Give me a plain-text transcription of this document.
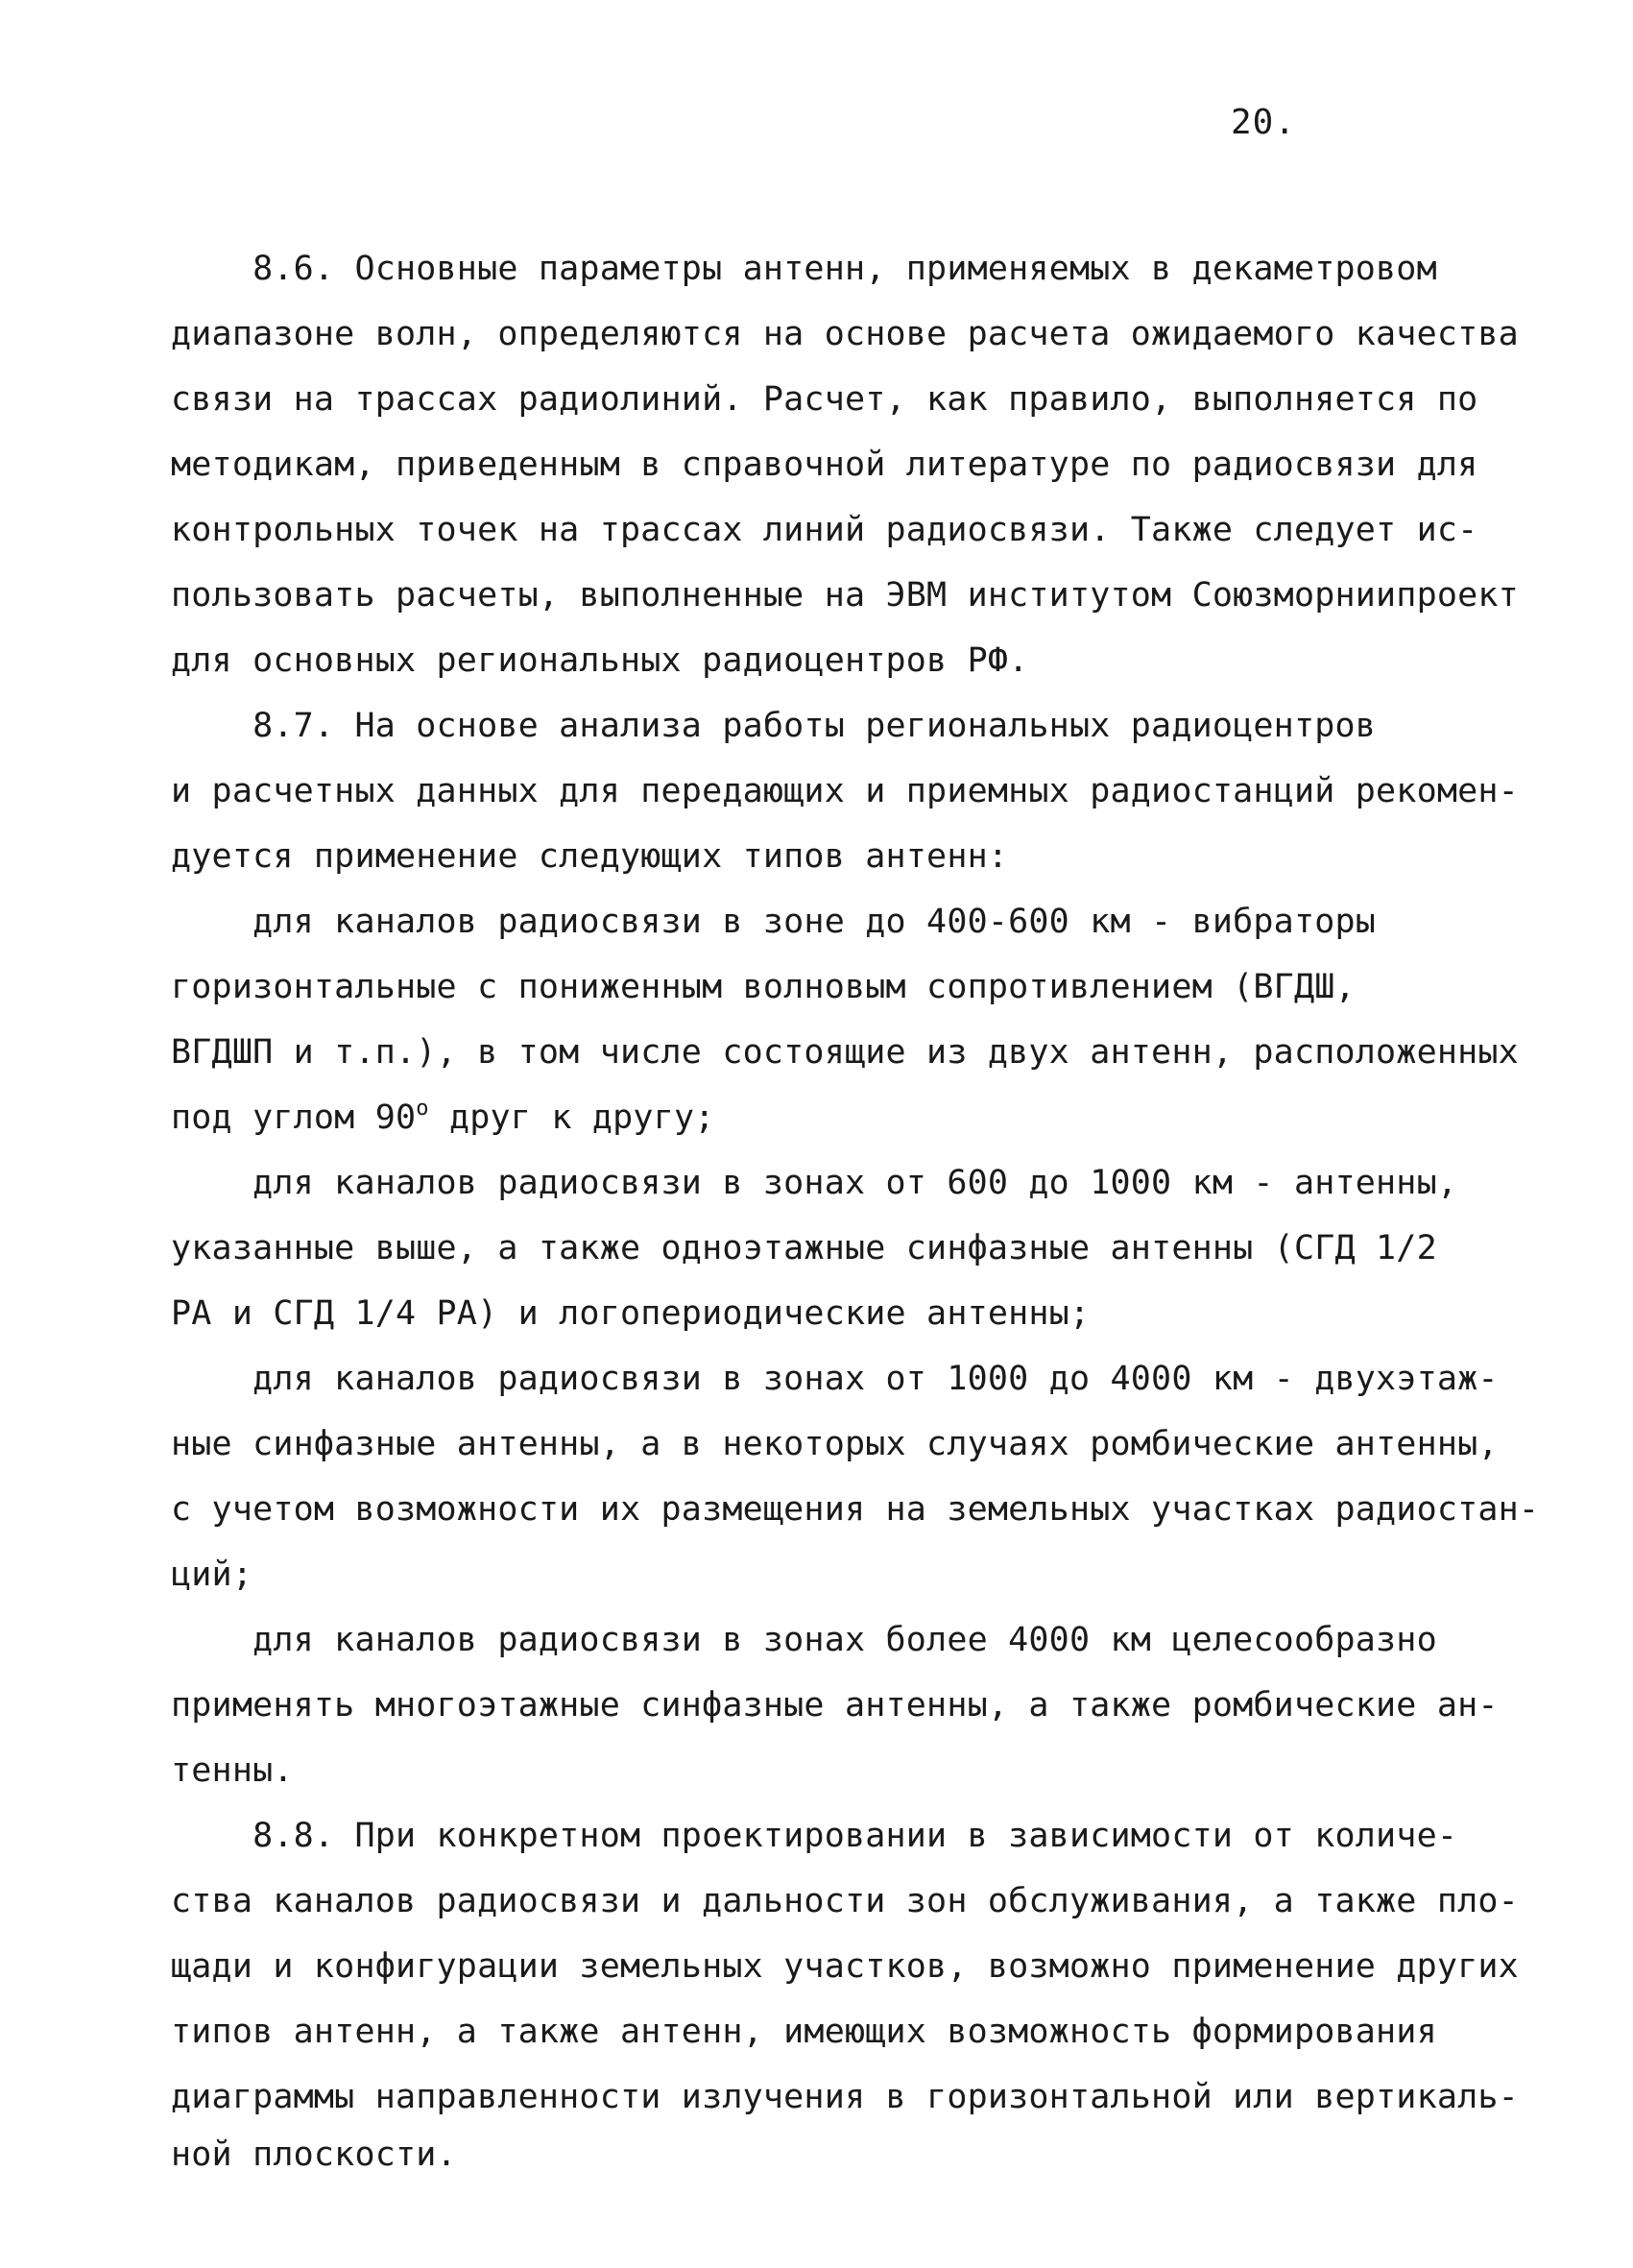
20.
8.6. Основные параметры антенн, применяемых в декаметровом
диапазоне волн, определяются на основе расчета ожидаемого качества
связи на трассах радиолиний. Расчет, как правило, выполняется по
методикам, приведенным в справочной литературе по радиосвязи для
контрольных точек на трассах линий радиосвязи. Также следует ис-
пользовать расчеты, выполненные на ЭВМ институтом Союзморниипроект
для основных региональных радиоцентров РФ.
8.7. На основе анализа работы региональных радиоцентров
и расчетных данных для передающих и приемных радиостанций рекомен-
дуется применение следующих типов антенн:
для каналов радиосвязи в зоне до 400-600 км - вибраторы
горизонтальные с пониженным волновым сопротивлением (ВГДШ,
ВГДШП и т.п.), в том числе состоящие из двух антенн, расположенных
под углом $90^о$ друг к другу;
для каналов радиосвязи в зонах от 600 до 1000 км - антенны,
указанные выше, а также одноэтажные синфазные антенны (СГД 1/2
РА и СГД 1/4 РА) и логопериодические антенны;
для каналов радиосвязи в зонах от 1000 до 4000 км - двухэтаж-
ные синфазные антенны, а в некоторых случаях ромбические антенны,
с учетом возможности их размещения на земельных участках радиостан-
ций;
для каналов радиосвязи в зонах более 4000 км целесообразно
применять многоэтажные синфазные антенны, а также ромбические ан-
тенны.
8.8. При конкретном проектировании в зависимости от количе-
ства каналов радиосвязи и дальности зон обслуживания, а также пло-
щади и конфигурации земельных участков, возможно применение других
типов антенн, а также антенн, имеющих возможность формирования
диаграммы направленности излучения в горизонтальной или вертикаль-
ной плоскости.
